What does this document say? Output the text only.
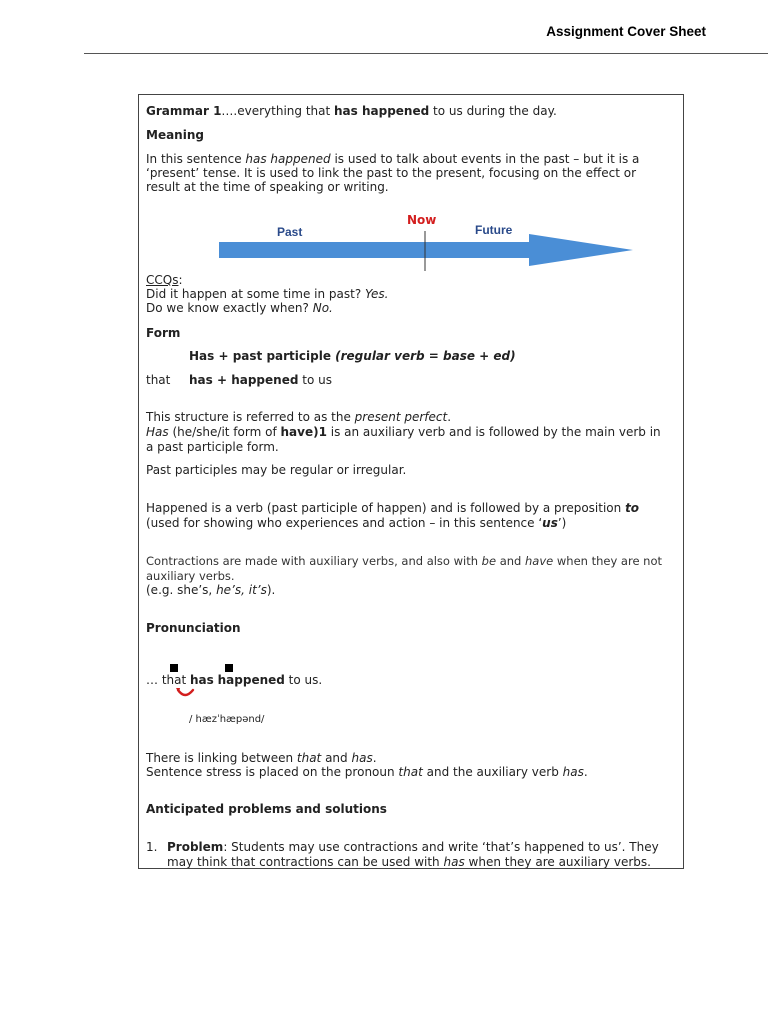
Assignment Cover Sheet
Grammar 1….everything that has happened to us during the day.
Meaning
In this sentence has happened is used to talk about events in the past – but it is a
‘present’ tense. It is used to link the past to the present, focusing on the effect or
result at the time of speaking or writing.
Now
Past	Future
CCQs:
Did it happen at some time in past? Yes.
Do we know exactly when? No.
Form
Has + past participle (regular verb = base + ed)
that has + happened to us
This structure is referred to as the present perfect.
Has (he/she/it form of have)1 is an auxiliary verb and is followed by the main verb in
a past participle form.
Past participles may be regular or irregular.
Happened is a verb (past participle of happen) and is followed by a preposition to
(used for showing who experiences and action – in this sentence ‘us’)
Contractions are made with auxiliary verbs, and also with be and have when they are not
auxiliary verbs.
(e.g. she’s, he’s, it’s).
Pronunciation
… that has happened to us.
/ hæzˈhæpənd/
There is linking between that and has.
Sentence stress is placed on the pronoun that and the auxiliary verb has.
Anticipated problems and solutions
1. Problem: Students may use contractions and write ‘that’s happened to us’. They
may think that contractions can be used with has when they are auxiliary verbs.
